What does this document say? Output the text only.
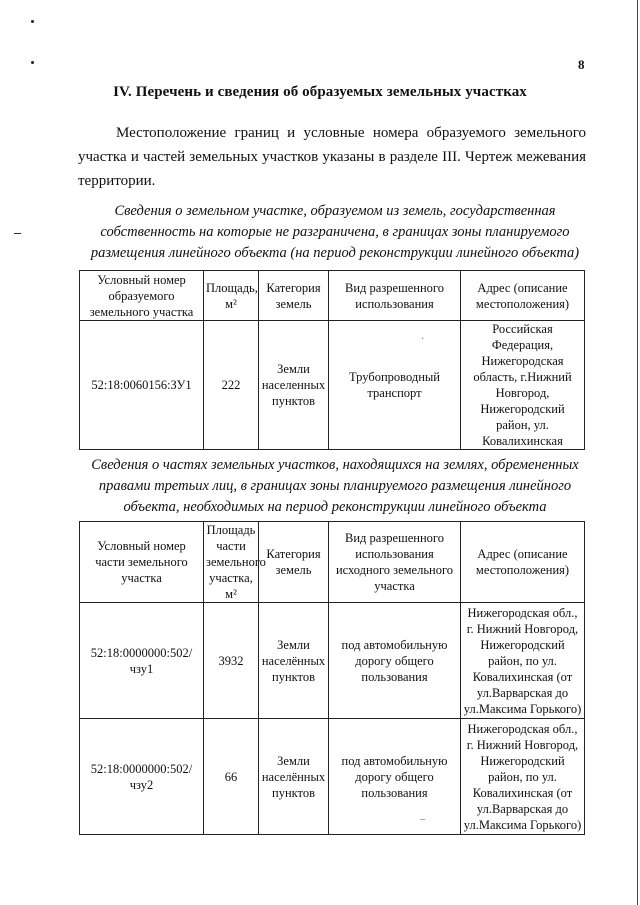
8
IV. Перечень и сведения об образуемых земельных участках
Местоположение границ и условные номера образуемого земельного участка и частей земельных участков указаны в разделе III. Чертеж межевания территории.
Сведения о земельном участке, образуемом из земель, государственная собственность на которые не разграничена, в границах зоны планируемого размещения линейного объекта (на период реконструкции линейного объекта)
Условный номер образуемого земельного участка	Площадь, м²	Категория земель	Вид разрешенного использования	Адрес (описание местоположения)
52:18:0060156:ЗУ1	222	Земли населенных пунктов	Трубопроводный транспорт	Российская Федерация, Нижегородская область, г.Нижний Новгород, Нижегородский район, ул. Ковалихинская
Сведения о частях земельных участков, находящихся на землях, обремененных правами третьих лиц, в границах зоны планируемого размещения линейного объекта, необходимых на период реконструкции линейного объекта
Условный номер части земельного участка	Площадь части земельного участка, м²	Категория земель	Вид разрешенного использования исходного земельного участка	Адрес (описание местоположения)
52:18:0000000:502/чзу1	3932	Земли населённых пунктов	под автомобильную дорогу общего пользования	Нижегородская обл., г. Нижний Новгород, Нижегородский район, по ул. Ковалихинская (от ул.Варварская до ул.Максима Горького)
52:18:0000000:502/чзу2	66	Земли населённых пунктов	под автомобильную дорогу общего пользования	Нижегородская обл., г. Нижний Новгород, Нижегородский район, по ул. Ковалихинская (от ул.Варварская до ул.Максима Горького)
·
–
